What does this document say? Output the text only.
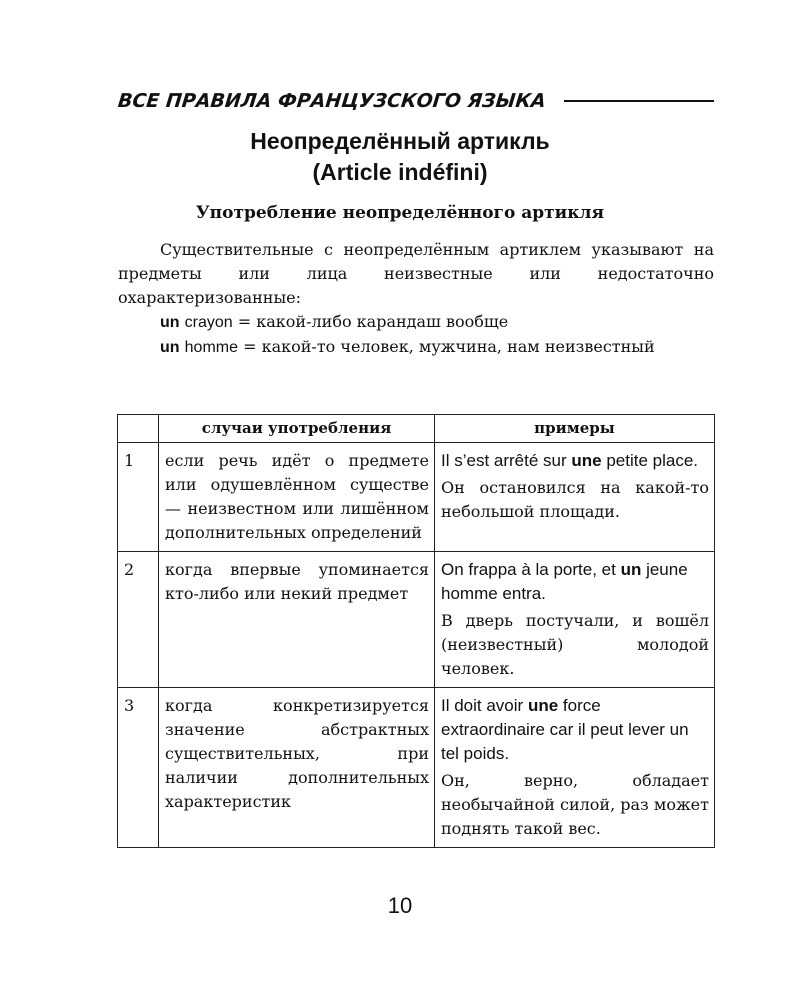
ВСЕ ПРАВИЛА ФРАНЦУЗСКОГО ЯЗЫКА
Неопределённый артикль
(Article indéfini)
Употребление неопределённого артикля

Существительные с неопределённым артиклем указывают на предметы или лица неизвестные или недостаточно охарактеризованные:

un crayon = какой-либо карандаш вообще

un homme = какой-то человек, мужчина, нам неизвестный

	случаи употребления	примеры
1	если речь идёт о предмете или одушевлённом существе — неизвестном или лишённом дополнительных определений	Il s’est arrêté sur une petite place.
Он остановился на какой-то небольшой площади.

2	когда впервые упоминается кто-либо или некий предмет	On frappa à la porte, et un jeune homme entra.
В дверь постучали, и вошёл (неизвестный) молодой человек.

3	когда конкретизируется значение абстрактных существительных, при наличии дополнительных характеристик	Il doit avoir une force extraordinaire car il peut lever un tel poids.
Он, верно, обладает необычайной силой, раз может поднять такой вес.
10
